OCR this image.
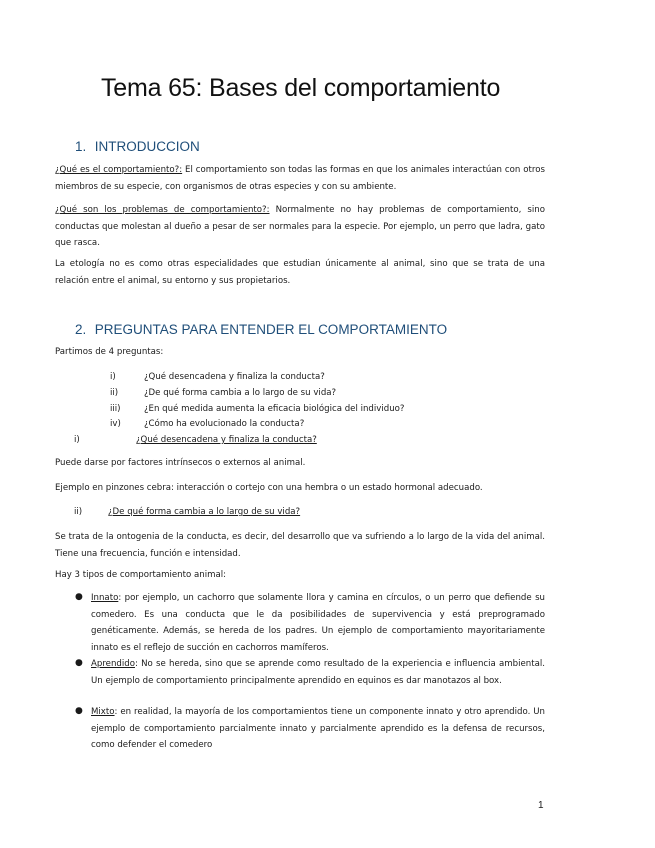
Tema 65: Bases del comportamiento
1. INTRODUCCION
¿Qué es el comportamiento?: El comportamiento son todas las formas en que los animales interactúan con otros miembros de su especie, con organismos de otras especies y con su ambiente.
¿Qué son los problemas de comportamiento?: Normalmente no hay problemas de comportamiento, sino conductas que molestan al dueño a pesar de ser normales para la especie. Por ejemplo, un perro que ladra, gato que rasca.
La etología no es como otras especialidades que estudian únicamente al animal, sino que se trata de una relación entre el animal, su entorno y sus propietarios.
2. PREGUNTAS PARA ENTENDER EL COMPORTAMIENTO
Partimos de 4 preguntas:
i)	¿Qué desencadena y finaliza la conducta?
ii)	¿De qué forma cambia a lo largo de su vida?
iii)	¿En qué medida aumenta la eficacia biológica del individuo?
iv)	¿Cómo ha evolucionado la conducta?
i)	¿Qué desencadena y finaliza la conducta?
Puede darse por factores intrínsecos o externos al animal.
Ejemplo en pinzones cebra: interacción o cortejo con una hembra o un estado hormonal adecuado.
ii)	¿De qué forma cambia a lo largo de su vida?
Se trata de la ontogenia de la conducta, es decir, del desarrollo que va sufriendo a lo largo de la vida del animal. Tiene una frecuencia, función e intensidad.
Hay 3 tipos de comportamiento animal:
● Innato: por ejemplo, un cachorro que solamente llora y camina en círculos, o un perro que defiende su comedero. Es una conducta que le da posibilidades de supervivencia y está preprogramado genéticamente. Además, se hereda de los padres. Un ejemplo de comportamiento mayoritariamente innato es el reflejo de succión en cachorros mamíferos.
● Aprendido: No se hereda, sino que se aprende como resultado de la experiencia e influencia ambiental. Un ejemplo de comportamiento principalmente aprendido en equinos es dar manotazos al box.
● Mixto: en realidad, la mayoría de los comportamientos tiene un componente innato y otro aprendido. Un ejemplo de comportamiento parcialmente innato y parcialmente aprendido es la defensa de recursos, como defender el comedero
1
